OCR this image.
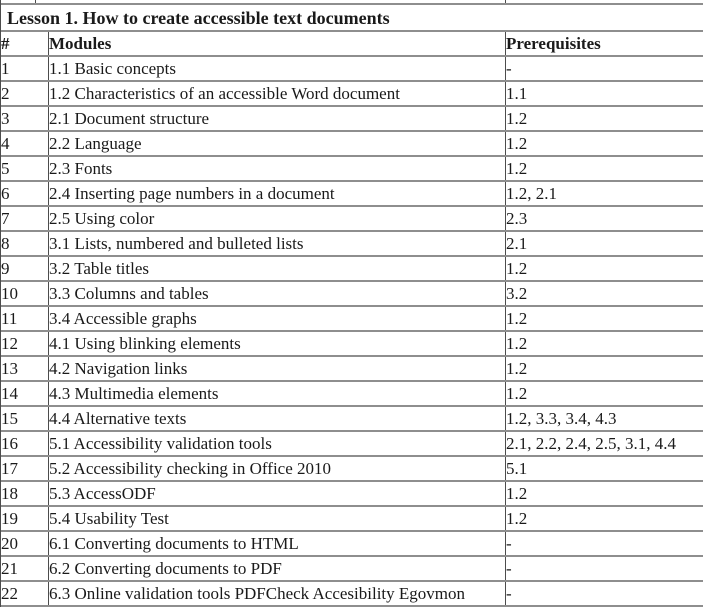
Lesson 1. How to create accessible text documents
#	Modules	Prerequisites
1	1.1 Basic concepts	-
2	1.2 Characteristics of an accessible Word document	1.1
3	2.1 Document structure	1.2
4	2.2 Language	1.2
5	2.3 Fonts	1.2
6	2.4 Inserting page numbers in a document	1.2, 2.1
7	2.5 Using color	2.3
8	3.1 Lists, numbered and bulleted lists	2.1
9	3.2 Table titles	1.2
10	3.3 Columns and tables	3.2
11	3.4 Accessible graphs	1.2
12	4.1 Using blinking elements	1.2
13	4.2 Navigation links	1.2
14	4.3 Multimedia elements	1.2
15	4.4 Alternative texts	1.2, 3.3, 3.4, 4.3
16	5.1 Accessibility validation tools	2.1, 2.2, 2.4, 2.5, 3.1, 4.4
17	5.2 Accessibility checking in Office 2010	5.1
18	5.3 AccessODF	1.2
19	5.4 Usability Test	1.2
20	6.1 Converting documents to HTML	-
21	6.2 Converting documents to PDF	-
22	6.3 Online validation tools PDFCheck Accesibility Egovmon	-
